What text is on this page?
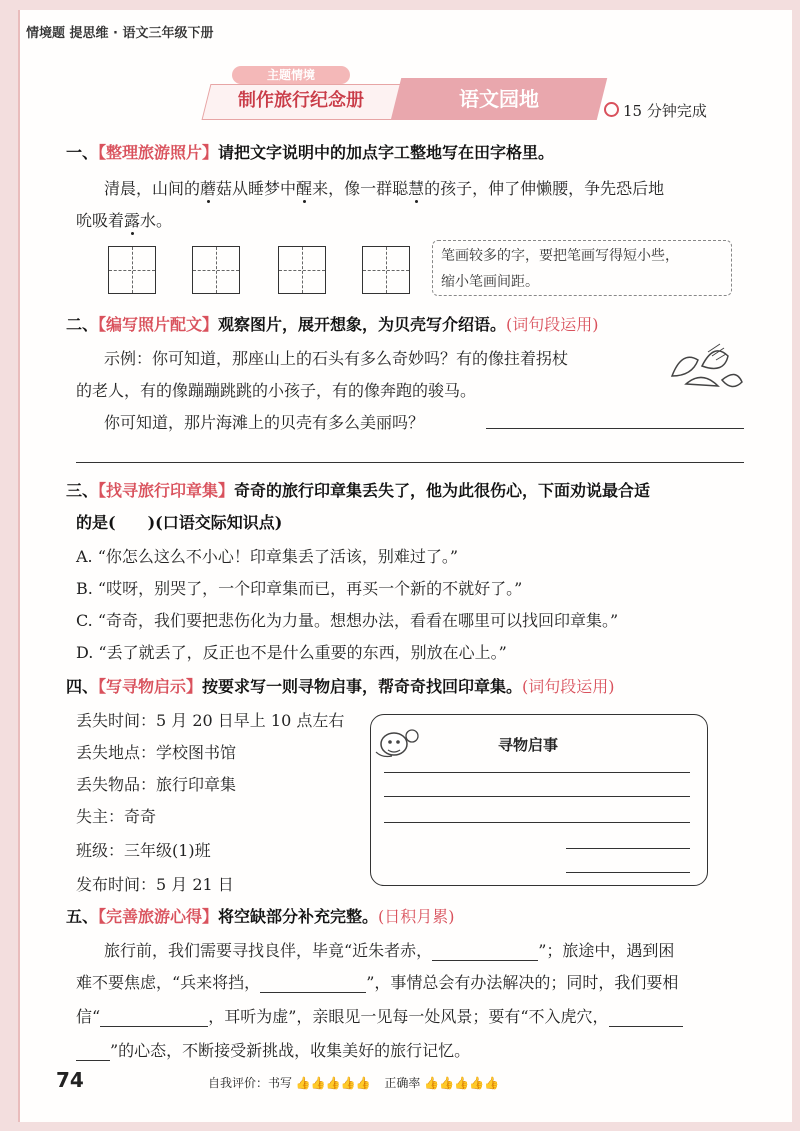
情境题 提思维 · 语文三年级下册
主题情境
制作旅行纪念册	语文园地	15 分钟完成
一、【整理旅游照片】请把文字说明中的加点字工整地写在田字格里。
清晨，山间的蘑菇从睡梦中醒来，像一群聪慧的孩子，伸了伸懒腰，争先恐后地
吮吸着露水。
笔画较多的字，要把笔画写得短小些，
缩小笔画间距。
二、【编写照片配文】观察图片，展开想象，为贝壳写介绍语。(词句段运用)
示例：你可知道，那座山上的石头有多么奇妙吗？有的像拄着拐杖
的老人，有的像蹦蹦跳跳的小孩子，有的像奔跑的骏马。
你可知道，那片海滩上的贝壳有多么美丽吗？
三、【找寻旅行印章集】奇奇的旅行印章集丢失了，他为此很伤心，下面劝说最合适
的是(　　)(口语交际知识点)
A. “你怎么这么不小心！印章集丢了活该，别难过了。”
B. “哎呀，别哭了，一个印章集而已，再买一个新的不就好了。”
C. “奇奇，我们要把悲伤化为力量。想想办法，看看在哪里可以找回印章集。”
D. “丢了就丢了，反正也不是什么重要的东西，别放在心上。”
四、【写寻物启示】按要求写一则寻物启事，帮奇奇找回印章集。(词句段运用)
丢失时间：5 月 20 日早上 10 点左右
丢失地点：学校图书馆
丢失物品：旅行印章集
失主：奇奇
班级：三年级(1)班
发布时间：5 月 21 日
寻物启事
五、【完善旅游心得】将空缺部分补充完整。(日积月累)
旅行前，我们需要寻找良伴，毕竟“近朱者赤，	”；旅途中，遇到困
难不要焦虑，“兵来将挡，	”，事情总会有办法解决的；同时，我们要相
信“	，耳听为虚”，亲眼见一见每一处风景；要有“不入虎穴，
”的心态，不断接受新挑战，收集美好的旅行记忆。
74	自我评价：书写 👍👍👍👍👍 正确率 👍👍👍👍👍
